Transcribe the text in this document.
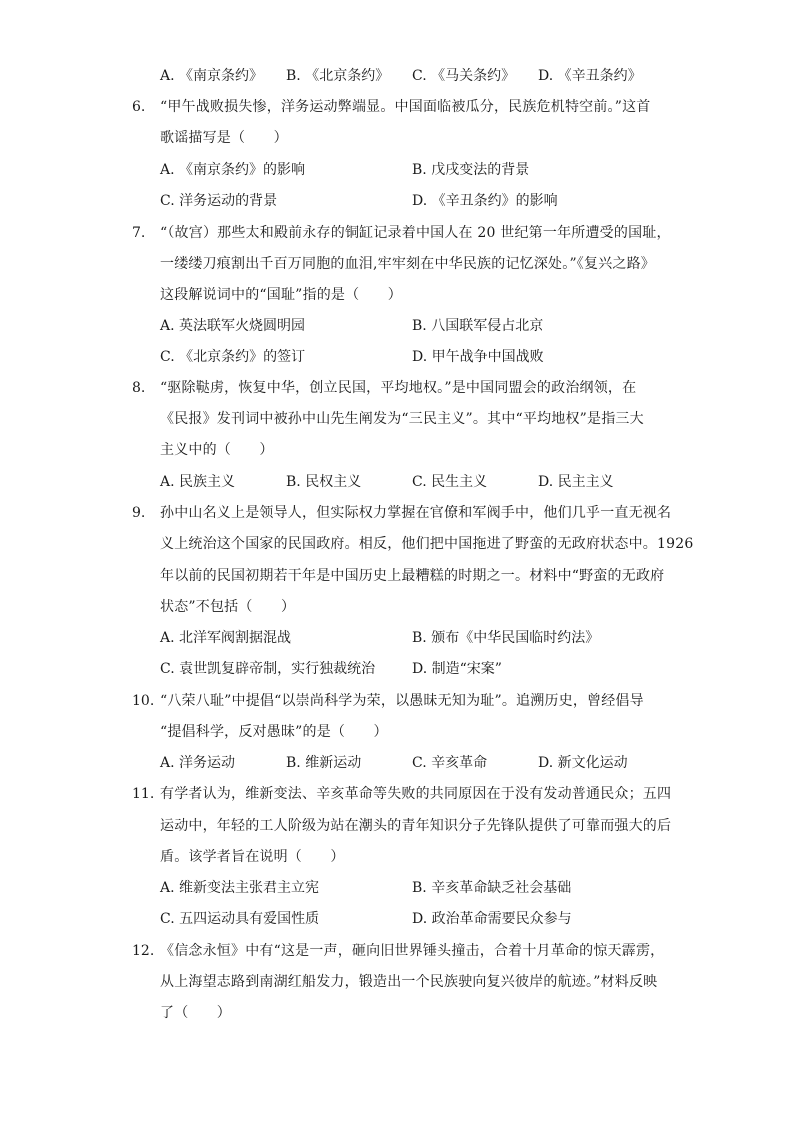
A. 《南京条约》 B. 《北京条约》 C. 《马关条约》 D. 《辛丑条约》
6. “甲午战败损失惨，洋务运动弊端显。中国面临被瓜分，民族危机特空前。”这首
歌谣描写是（　　）
A. 《南京条约》的影响	B. 戊戌变法的背景
C. 洋务运动的背景	D. 《辛丑条约》的影响
7. “（故宫）那些太和殿前永存的铜缸记录着中国人在 20 世纪第一年所遭受的国耻，
一缕缕刀痕割出千百万同胞的血泪,牢牢刻在中华民族的记忆深处。”《复兴之路》
这段解说词中的“国耻”指的是（　　）
A. 英法联军火烧圆明园	B. 八国联军侵占北京
C. 《北京条约》的签订	D. 甲午战争中国战败
8. “驱除鞑虏，恢复中华，创立民国，平均地权。”是中国同盟会的政治纲领，在
《民报》发刊词中被孙中山先生阐发为“三民主义”。其中“平均地权”是指三大
主义中的（　　）
A. 民族主义	B. 民权主义	C. 民生主义	D. 民主主义
9. 孙中山名义上是领导人，但实际权力掌握在官僚和军阀手中，他们几乎一直无视名
义上统治这个国家的民国政府。相反，他们把中国拖进了野蛮的无政府状态中。1926
年以前的民国初期若干年是中国历史上最糟糕的时期之一。材料中“野蛮的无政府
状态”不包括（　　）
A. 北洋军阀割据混战	B. 颁布《中华民国临时约法》
C. 袁世凯复辟帝制，实行独裁统治	D. 制造“宋案”
10. “八荣八耻”中提倡“以崇尚科学为荣，以愚昧无知为耻”。追溯历史，曾经倡导
“提倡科学，反对愚昧”的是（　　）
A. 洋务运动	B. 维新运动	C. 辛亥革命	D. 新文化运动
11. 有学者认为，维新变法、辛亥革命等失败的共同原因在于没有发动普通民众；五四
运动中，年轻的工人阶级为站在潮头的青年知识分子先锋队提供了可靠而强大的后
盾。该学者旨在说明（　　）
A. 维新变法主张君主立宪	B. 辛亥革命缺乏社会基础
C. 五四运动具有爱国性质	D. 政治革命需要民众参与
12. 《信念永恒》中有“这是一声，砸向旧世界锤头撞击，合着十月革命的惊天霹雳，
从上海望志路到南湖红船发力，锻造出一个民族驶向复兴彼岸的航迹。”材料反映
了（　　）
